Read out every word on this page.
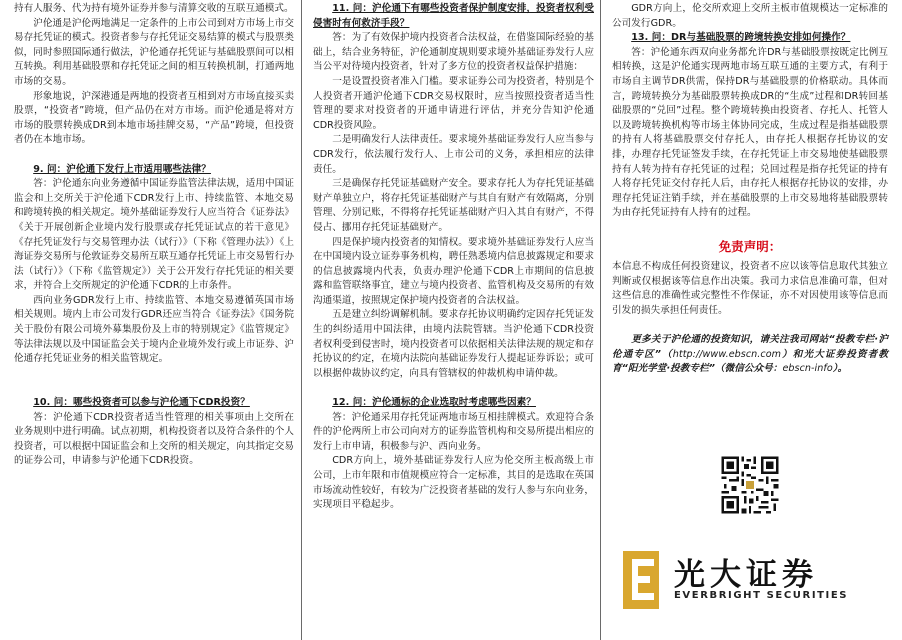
持有人服务、代为持有境外证券并参与清算交收的互联互通模式。

沪伦通是沪伦两地满足一定条件的上市公司到对方市场上市交易存托凭证的模式。投资者参与存托凭证交易结算的模式与股票类似，同时参照国际通行做法，沪伦通存托凭证与基础股票间可以相互转换。利用基础股票和存托凭证之间的相互转换机制，打通两地市场的交易。

形象地说，沪深港通是两地的投资者互相到对方市场直接买卖股票，“投资者”跨境，但产品仍在对方市场。而沪伦通是将对方市场的股票转换成DR到本地市场挂牌交易，“产品”跨境，但投资者仍在本地市场。

9. 问：沪伦通下发行上市适用哪些法律？

答：沪伦通东向业务遵循中国证券监管法律法规，适用中国证监会和上交所关于沪伦通下CDR发行上市、持续监管、本地交易和跨境转换的相关规定。境外基础证券发行人应当符合《证券法》《关于开展创新企业境内发行股票或存托凭证试点的若干意见》《存托凭证发行与交易管理办法（试行）》（下称《管理办法》）《上海证券交易所与伦敦证券交易所互联互通存托凭证上市交易暂行办法（试行）》（下称《监管规定》）关于公开发行存托凭证的相关要求，并符合上交所规定的沪伦通下CDR的上市条件。

西向业务GDR发行上市、持续监管、本地交易遵循英国市场相关规则。境内上市公司发行GDR还应当符合《证券法》《国务院关于股份有限公司境外募集股份及上市的特别规定》《监管规定》等法律法规以及中国证监会关于境内企业境外发行或上市证券、沪伦通存托凭证业务的相关监管规定。

10. 问：哪些投资者可以参与沪伦通下CDR投资？

答：沪伦通下CDR投资者适当性管理的相关事项由上交所在业务规则中进行明确。试点初期，机构投资者以及符合条件的个人投资者，可以根据中国证监会和上交所的相关规定，向其指定交易的证券公司，申请参与沪伦通下CDR投资。

11. 问：沪伦通下有哪些投资者保护制度安排，投资者权利受侵害时有何救济手段？

答：为了有效保护境内投资者合法权益，在借鉴国际经验的基础上，结合业务特征，沪伦通制度规则要求境外基础证券发行人应当公平对待境内投资者，针对了多方位的投资者权益保护措施：

一是设置投资者准入门槛。要求证券公司为投资者，特别是个人投资者开通沪伦通下CDR交易权限时，应当按照投资者适当性管理的要求对投资者的开通申请进行评估，并充分告知沪伦通CDR投资风险。

二是明确发行人法律责任。要求境外基础证券发行人应当参与CDR发行，依法履行发行人、上市公司的义务，承担相应的法律责任。

三是确保存托凭证基础财产安全。要求存托人为存托凭证基础财产单独立户，将存托凭证基础财产与其自有财产有效隔离，分别管理、分别记账，不得将存托凭证基础财产归入其自有财产，不得侵占、挪用存托凭证基础财产。

四是保护境内投资者的知情权。要求境外基础证券发行人应当在中国境内设立证券事务机构，聘任熟悉境内信息披露规定和要求的信息披露境内代表，负责办理沪伦通下CDR上市期间的信息披露和监管联络事宜，建立与境内投资者、监管机构及交易所的有效沟通渠道，按照规定保护境内投资者的合法权益。

五是建立纠纷调解机制。要求存托协议明确约定因存托凭证发生的纠纷适用中国法律，由境内法院管辖。当沪伦通下CDR投资者权利受到侵害时，境内投资者可以依据相关法律法规的规定和存托协议的约定，在境内法院向基础证券发行人提起证券诉讼；或可以根据仲裁协议约定，向具有管辖权的仲裁机构申请仲裁。

12. 问：沪伦通标的企业选取时考虑哪些因素？

答：沪伦通采用存托凭证两地市场互相挂牌模式。欢迎符合条件的沪伦两所上市公司向对方的证券监管机构和交易所提出相应的发行上市申请，积极参与沪、西向业务。

CDR方向上，境外基础证券发行人应为伦交所主板高级上市公司，上市年限和市值规模应符合一定标准，其目的是选取在英国市场流动性较好，有较为广泛投资者基础的发行人参与东向业务，实现项目平稳起步。

GDR方向上，伦交所欢迎上交所主板市值规模达一定标准的公司发行GDR。

13. 问：DR与基础股票的跨境转换安排如何操作？

答：沪伦通东西双向业务都允许DR与基础股票按既定比例互相转换，这是沪伦通实现两地市场互联互通的主要方式，有利于市场自主调节DR供需，保持DR与基础股票的价格联动。具体而言，跨境转换分为基础股票转换成DR的“生成”过程和DR转回基础股票的“兑回”过程。整个跨境转换由投资者、存托人、托管人以及跨境转换机构等市场主体协同完成，生成过程是指基础股票的持有人将基础股票交付存托人，由存托人根据存托协议的安排，办理存托凭证签发手续，在存托凭证上市交易地使基础股票持有人转为持有存托凭证的过程；兑回过程是指存托凭证的持有人将存托凭证交付存托人后，由存托人根据存托协议的安排，办理存托凭证注销手续，并在基础股票的上市交易地将基础股票转为由存托凭证持有人持有的过程。

免责声明：

本信息不构成任何投资建议，投资者不应以该等信息取代其独立判断或仅根据该等信息作出决策。我司力求信息准确可靠，但对这些信息的准确性或完整性不作保证，亦不对因使用该等信息而引发的损失承担任何责任。

更多关于沪伦通的投资知识，请关注我司网站“投教专栏·沪伦通专区”（http://www.ebscn.com）和光大证券投资者教育“阳光学堂·投教专栏”（微信公众号：ebscn-info）。

光大证券
EVERBRIGHT SECURITIES
